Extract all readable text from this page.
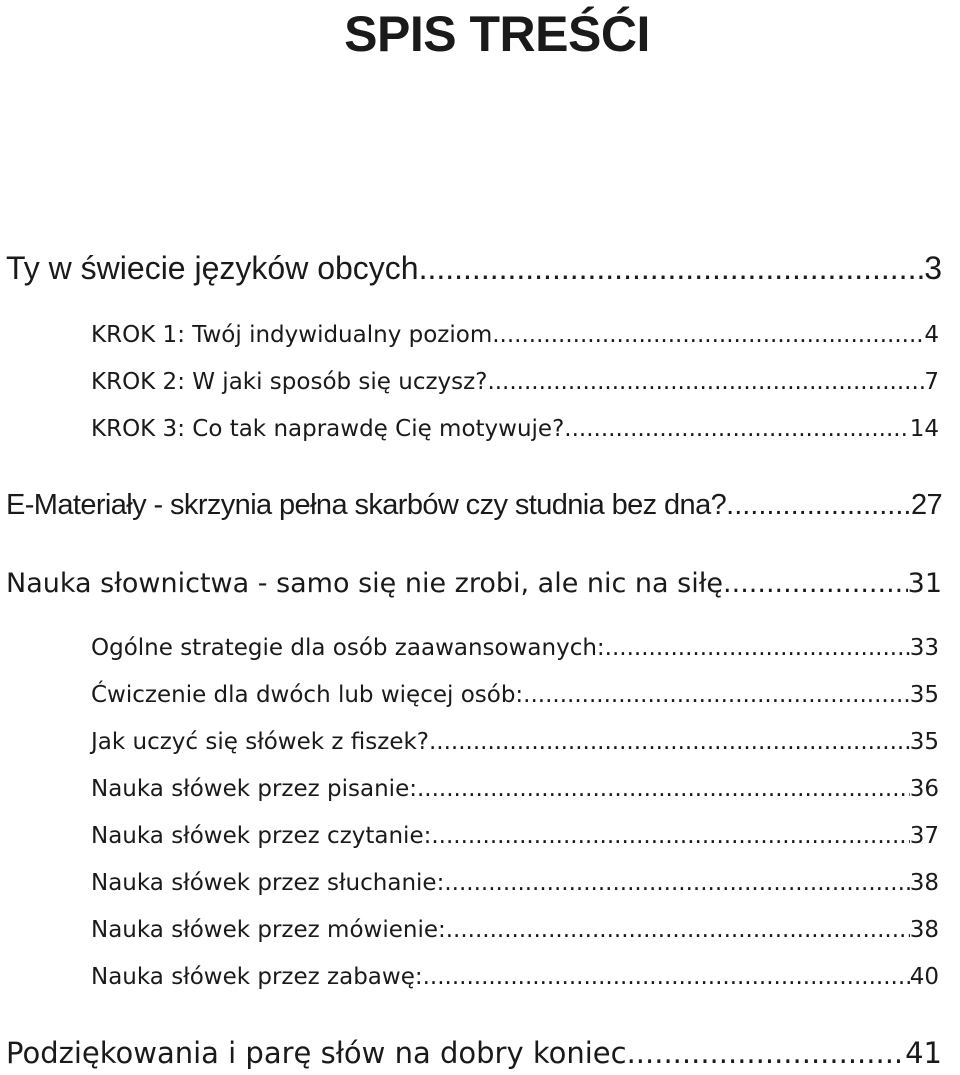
SPIS TREŚĆI
Ty w świecie języków obcych .....	3
KROK 1: Twój indywidualny poziom .....	4
KROK 2: W jaki sposób się uczysz? .....	7
KROK 3: Co tak naprawdę Cię motywuje? .....	14
E-Materiały - skrzynia pełna skarbów czy studnia bez dna? .....	27
Nauka słownictwa - samo się nie zrobi, ale nic na siłę .....	31
Ogólne strategie dla osób zaawansowanych: .....	33
Ćwiczenie dla dwóch lub więcej osób: .....	35
Jak uczyć się słówek z fiszek? .....	35
Nauka słówek przez pisanie: .....	36
Nauka słówek przez czytanie: .....	37
Nauka słówek przez słuchanie: .....	38
Nauka słówek przez mówienie: .....	38
Nauka słówek przez zabawę: .....	40
Podziękowania i parę słów na dobry koniec .....	41
